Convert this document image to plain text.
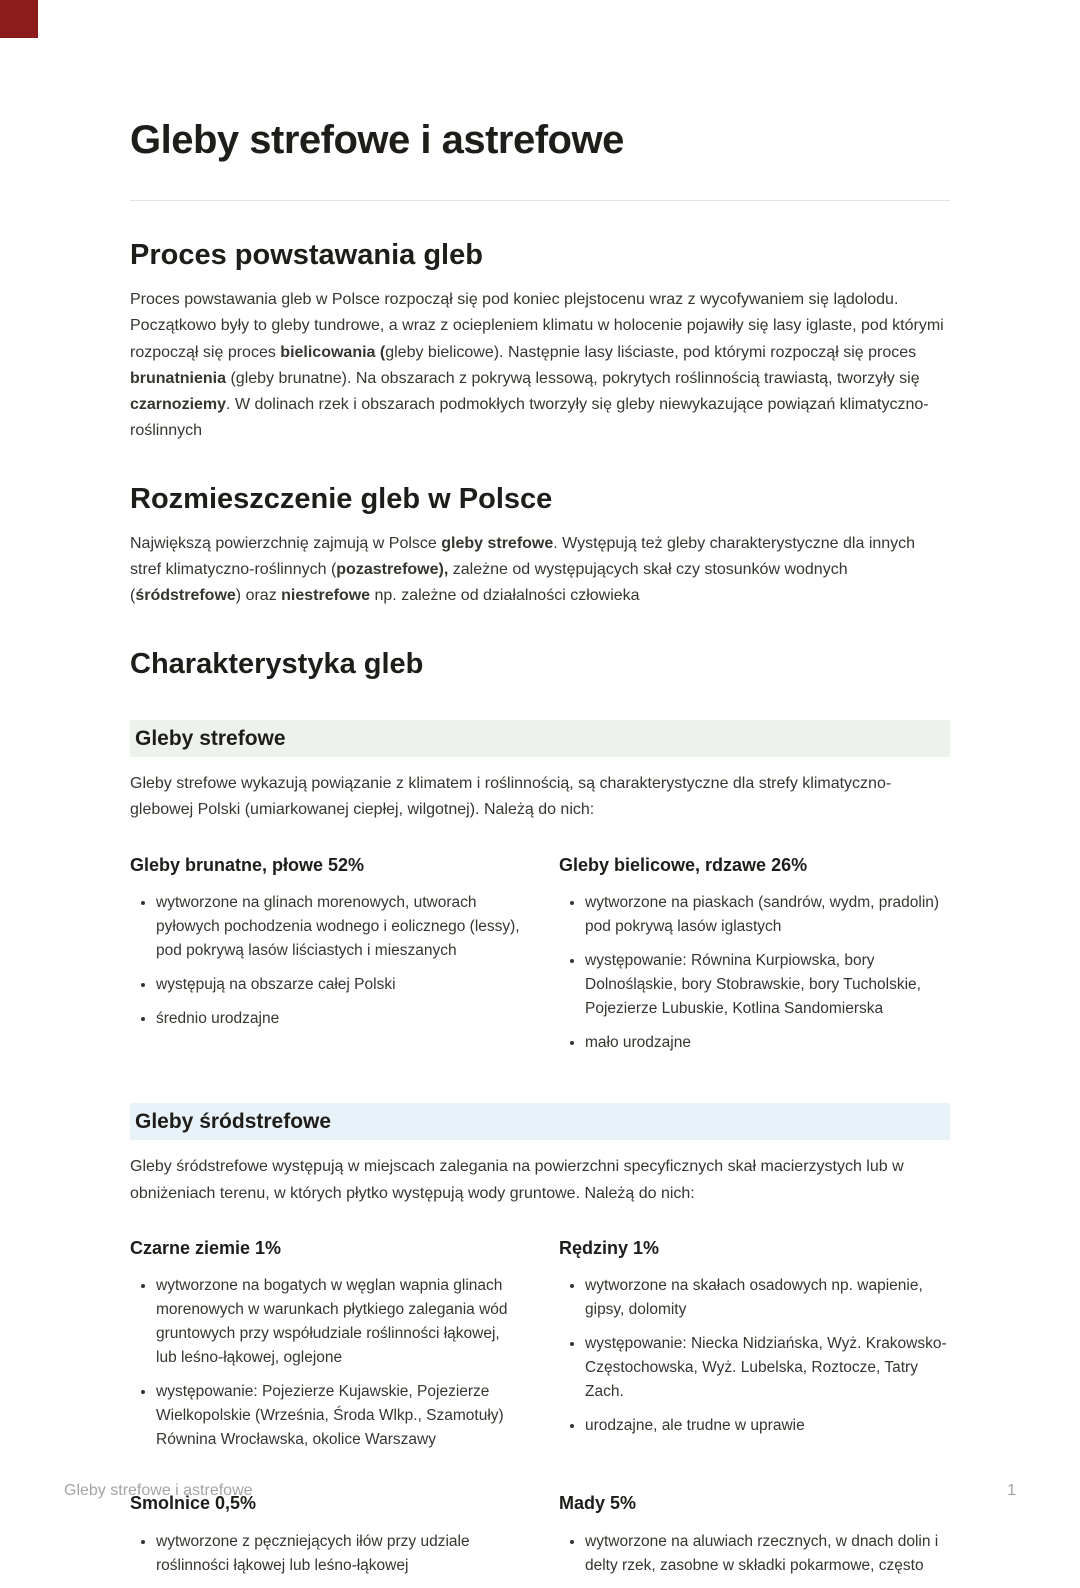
Gleby strefowe i astrefowe
Proces powstawania gleb

Proces powstawania gleb w Polsce rozpoczął się pod koniec plejstocenu wraz z wycofywaniem się lądolodu. Początkowo były to gleby tundrowe, a wraz z ociepleniem klimatu w holocenie pojawiły się lasy iglaste, pod którymi rozpoczął się proces bielicowania (gleby bielicowe). Następnie lasy liściaste, pod którymi rozpoczął się proces brunatnienia (gleby brunatne). Na obszarach z pokrywą lessową, pokrytych roślinnością trawiastą, tworzyły się czarnoziemy. W dolinach rzek i obszarach podmokłych tworzyły się gleby niewykazujące powiązań klimatyczno-roślinnych

Rozmieszczenie gleb w Polsce

Największą powierzchnię zajmują w Polsce gleby strefowe. Występują też gleby charakterystyczne dla innych stref klimatyczno-roślinnych (pozastrefowe), zależne od występujących skał czy stosunków wodnych (śródstrefowe) oraz niestrefowe np. zależne od działalności człowieka

Charakterystyka gleb
Gleby strefowe

Gleby strefowe wykazują powiązanie z klimatem i roślinnością, są charakterystyczne dla strefy klimatyczno-glebowej Polski (umiarkowanej ciepłej, wilgotnej). Należą do nich:

Gleby brunatne, płowe 52%
• wytworzone na glinach morenowych, utworach pyłowych pochodzenia wodnego i eolicznego (lessy), pod pokrywą lasów liściastych i mieszanych
• występują na obszarze całej Polski
• średnio urodzajne
Gleby bielicowe, rdzawe 26%
• wytworzone na piaskach (sandrów, wydm, pradolin) pod pokrywą lasów iglastych
• występowanie: Równina Kurpiowska, bory Dolnośląskie, bory Stobrawskie, bory Tucholskie, Pojezierze Lubuskie, Kotlina Sandomierska
• mało urodzajne
Gleby śródstrefowe

Gleby śródstrefowe występują w miejscach zalegania na powierzchni specyficznych skał macierzystych lub w obniżeniach terenu, w których płytko występują wody gruntowe. Należą do nich:

Czarne ziemie 1%
• wytworzone na bogatych w węglan wapnia glinach morenowych w warunkach płytkiego zalegania wód gruntowych przy współudziale roślinności łąkowej, lub leśno-łąkowej, oglejone
• występowanie: Pojezierze Kujawskie, Pojezierze Wielkopolskie (Września, Środa Wlkp., Szamotuły) Równina Wrocławska, okolice Warszawy
Rędziny 1%
• wytworzone na skałach osadowych np. wapienie, gipsy, dolomity
• występowanie: Niecka Nidziańska, Wyż. Krakowsko-Częstochowska, Wyż. Lubelska, Roztocze, Tatry Zach.
• urodzajne, ale trudne w uprawie
Smolnice 0,5%
• wytworzone z pęczniejących iłów przy udziale roślinności łąkowej lub leśno-łąkowej
Mady 5%
• wytworzone na aluwiach rzecznych, w dnach dolin i delty rzek, zasobne w składki pokarmowe, często
Gleby strefowe i astrefowe	1
